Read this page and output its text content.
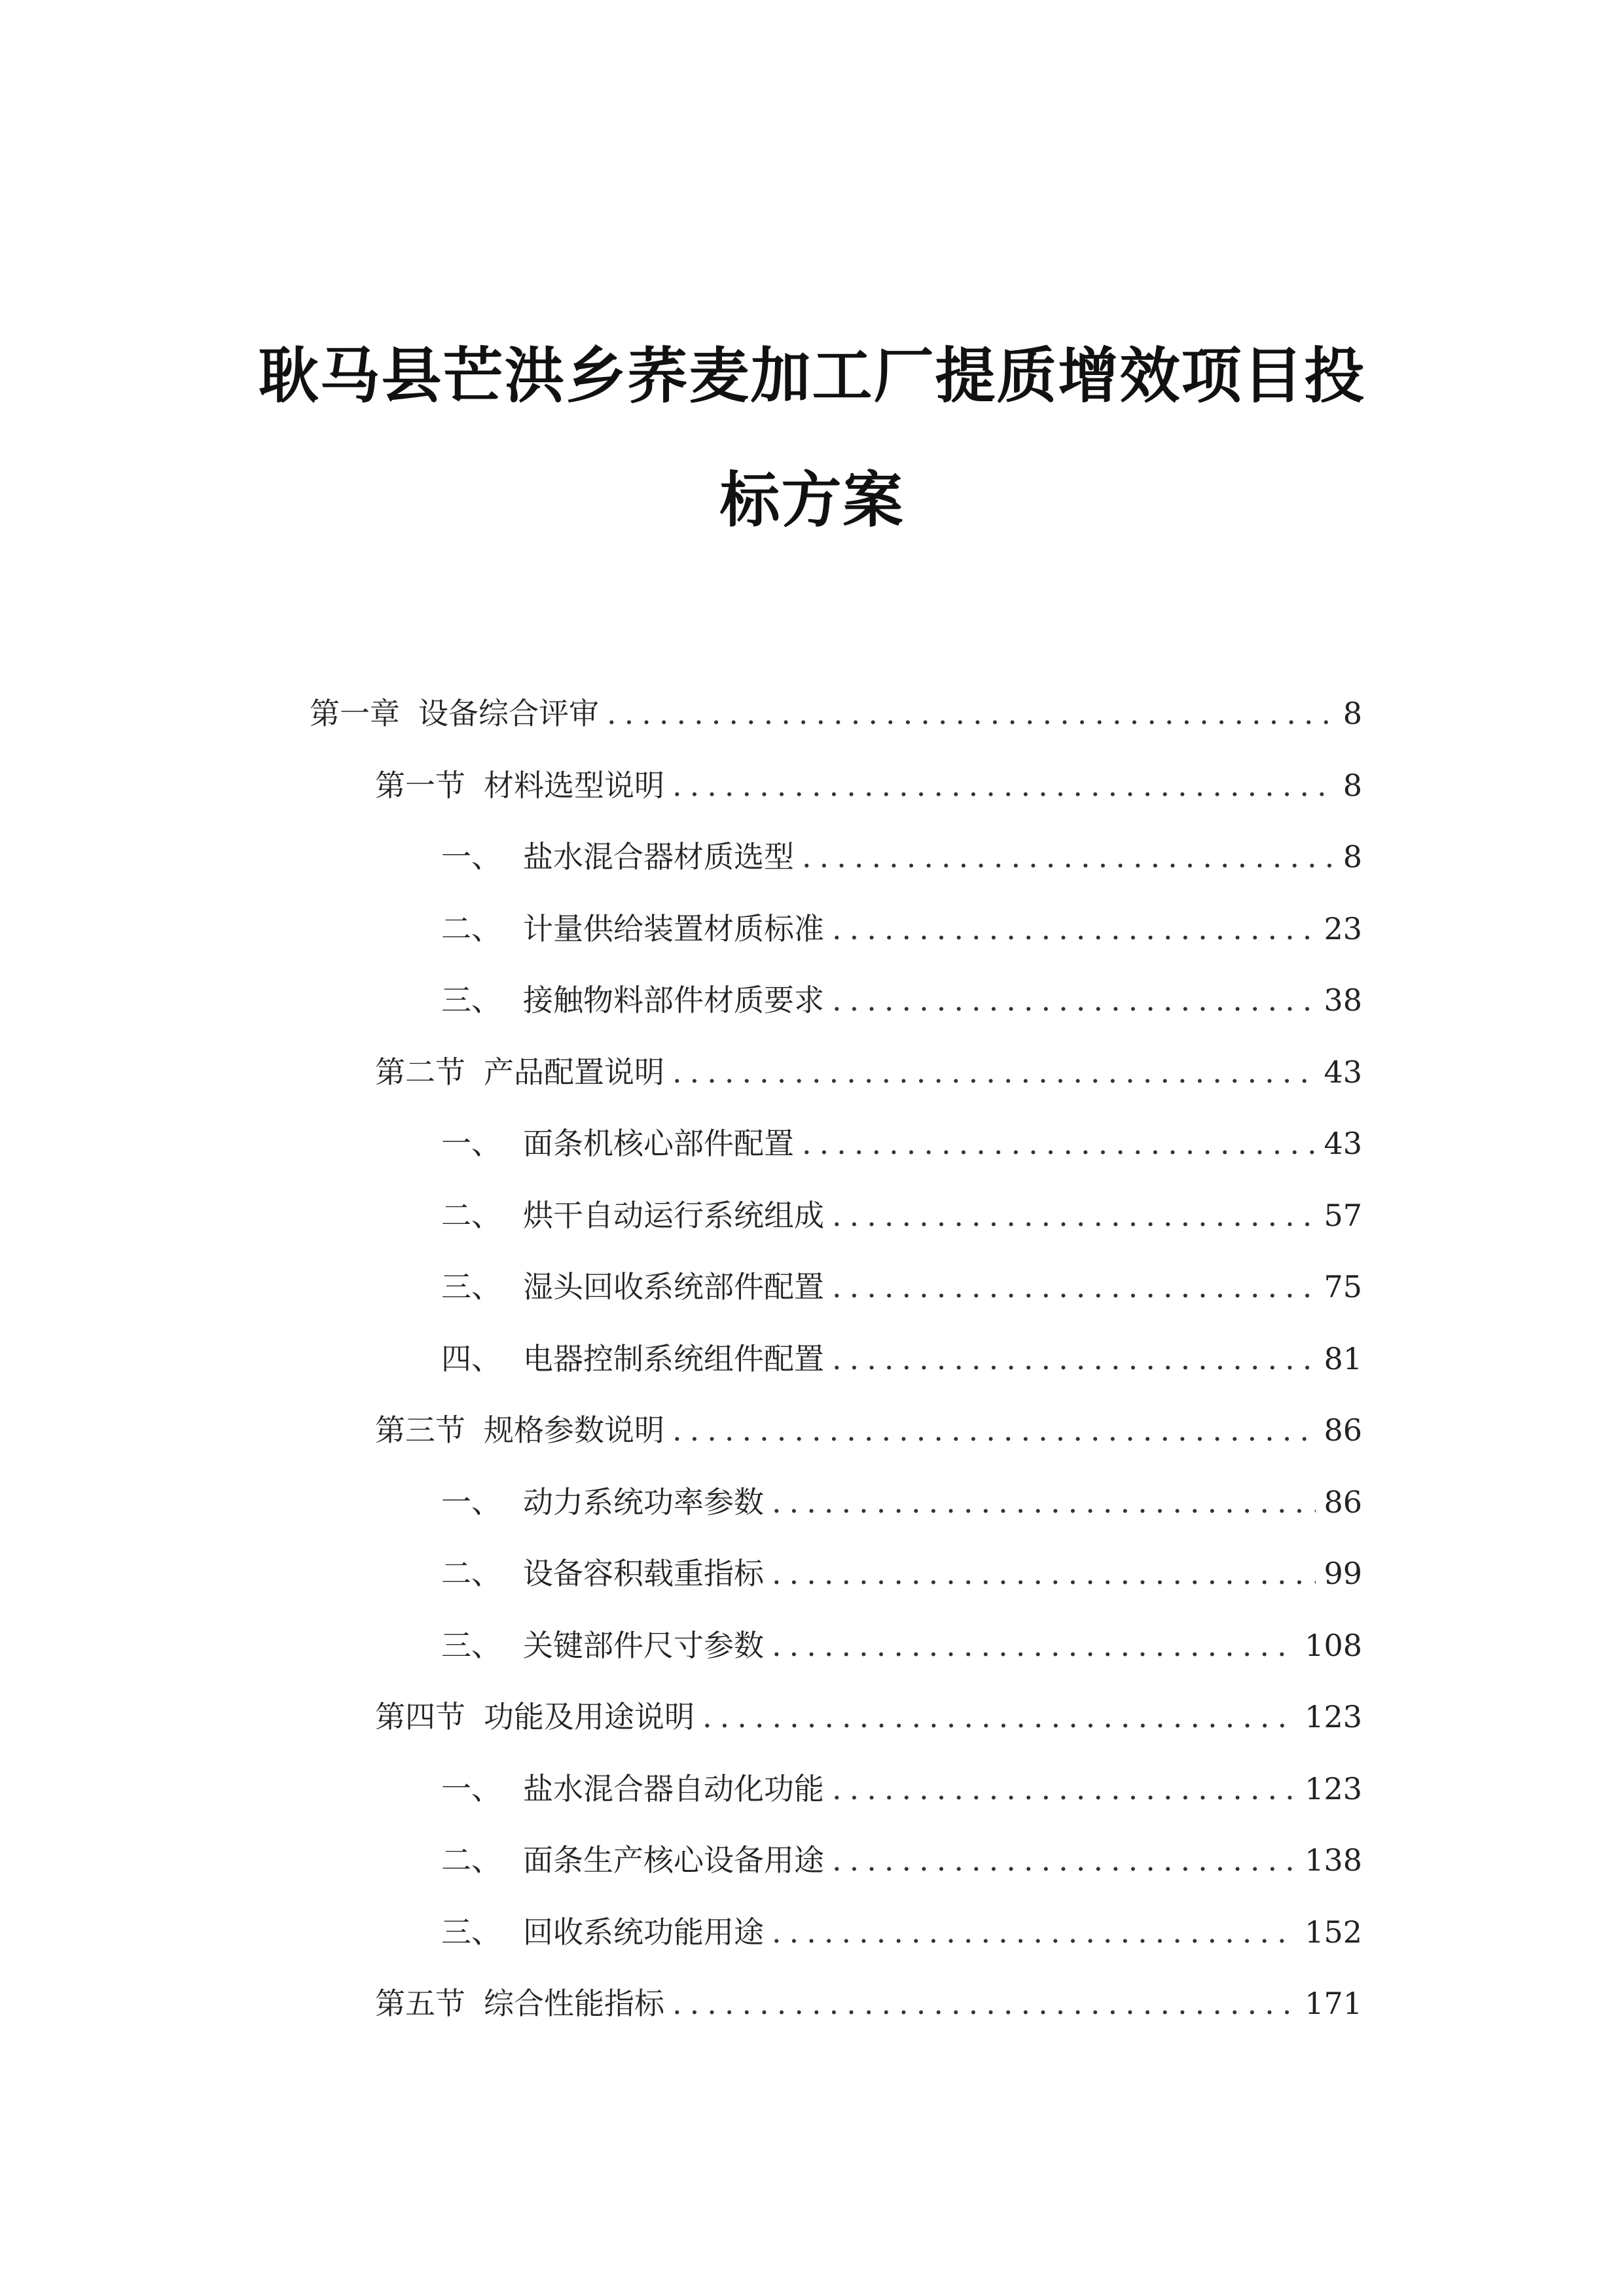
耿马县芒洪乡荞麦加工厂提质增效项目投
标方案
第一章 设备综合评审 .....	8
第一节 材料选型说明 .....	8
一、 盐水混合器材质选型 .....	8
二、 计量供给装置材质标准 .....	23
三、 接触物料部件材质要求 .....	38
第二节 产品配置说明 .....	43
一、 面条机核心部件配置 .....	43
二、 烘干自动运行系统组成 .....	57
三、 湿头回收系统部件配置 .....	75
四、 电器控制系统组件配置 .....	81
第三节 规格参数说明 .....	86
一、 动力系统功率参数 .....	86
二、 设备容积载重指标 .....	99
三、 关键部件尺寸参数 .....	108
第四节 功能及用途说明 .....	123
一、 盐水混合器自动化功能 .....	123
二、 面条生产核心设备用途 .....	138
三、 回收系统功能用途 .....	152
第五节 综合性能指标 .....	171
